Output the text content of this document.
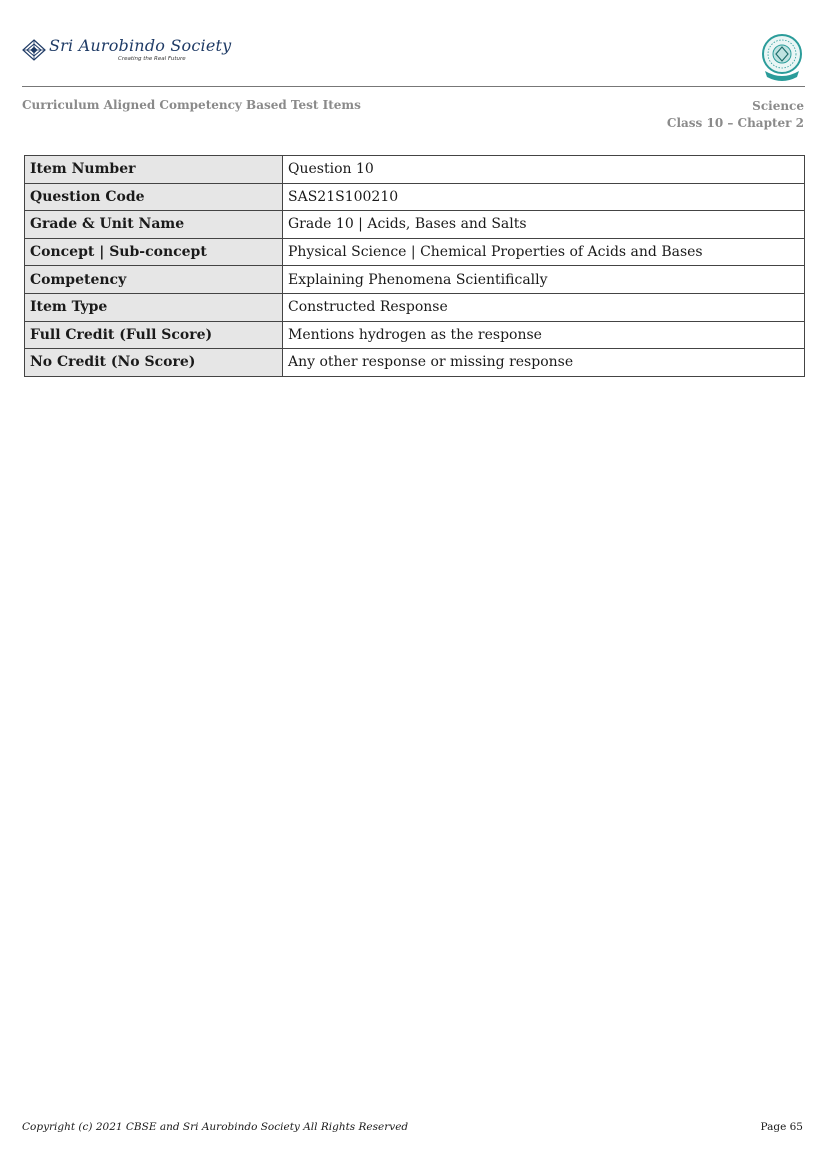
Sri Aurobindo Society
Creating the Real Future
Curriculum Aligned Competency Based Test Items	Science
Class 10 – Chapter 2
Item Number	Question 10
Question Code	SAS21S100210
Grade & Unit Name	Grade 10 | Acids, Bases and Salts
Concept | Sub-concept	Physical Science | Chemical Properties of Acids and Bases
Competency	Explaining Phenomena Scientifically
Item Type	Constructed Response
Full Credit (Full Score)	Mentions hydrogen as the response
No Credit (No Score)	Any other response or missing response
Copyright (c) 2021 CBSE and Sri Aurobindo Society All Rights Reserved	Page 65
